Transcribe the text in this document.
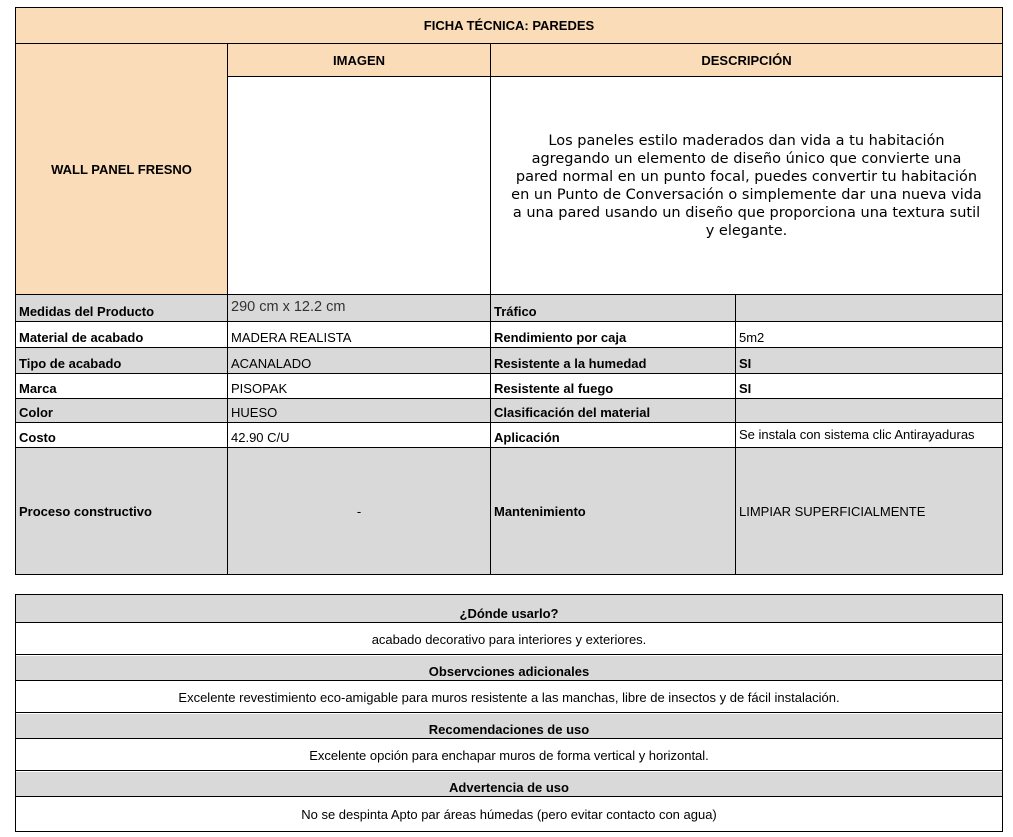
FICHA TÉCNICA: PAREDES
WALL PANEL FRESNO
IMAGEN	DESCRIPCIÓN
Los paneles estilo maderados dan vida a tu habitación agregando un elemento de diseño único que convierte una pared normal en un punto focal, puedes convertir tu habitación en un Punto de Conversación o simplemente dar una nueva vida a una pared usando un diseño que proporciona una textura sutil y elegante.
Medidas del Producto	290 cm x 12.2 cm	Tráfico
Material de acabado	MADERA REALISTA	Rendimiento por caja	5m2
Tipo de acabado	ACANALADO	Resistente a la humedad	SI
Marca	PISOPAK	Resistente al fuego	SI
Color	HUESO	Clasificación del material
Costo	42.90 C/U	Aplicación	Se instala con sistema clic Antirayaduras
Proceso constructivo	-	Mantenimiento	LIMPIAR SUPERFICIALMENTE
¿Dónde usarlo?
acabado decorativo para interiores y exteriores.
Observciones adicionales
Excelente revestimiento eco-amigable para muros resistente a las manchas, libre de insectos y de fácil instalación.
Recomendaciones de uso
Excelente opción para enchapar muros de forma vertical y horizontal.
Advertencia de uso
No se despinta Apto par áreas húmedas (pero evitar contacto con agua)
